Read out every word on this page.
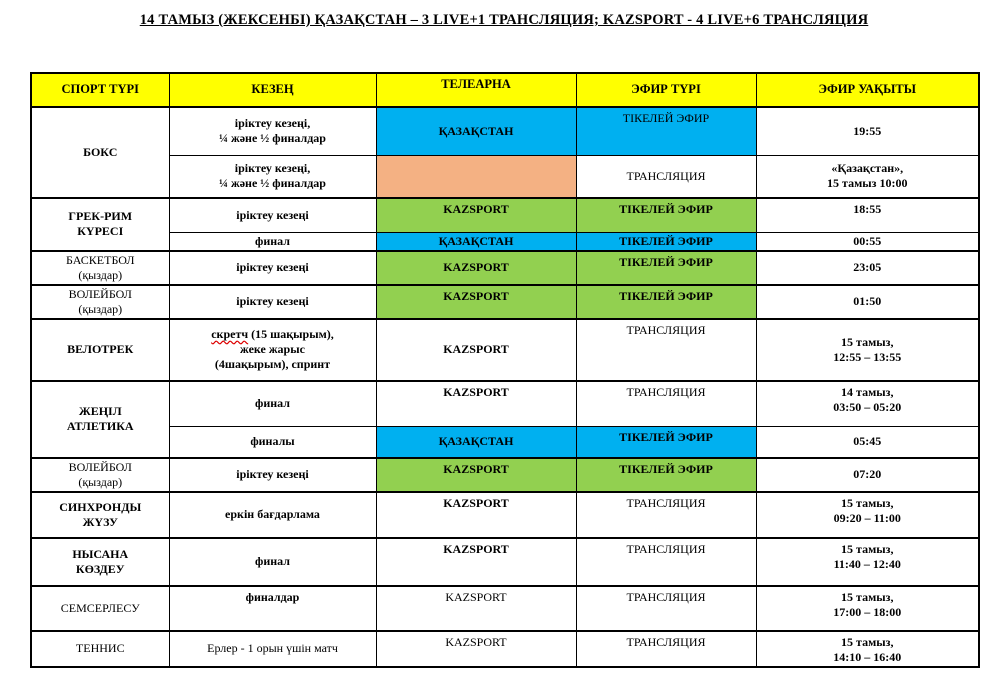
14 ТАМЫЗ (ЖЕКСЕНБІ) ҚАЗАҚСТАН – 3 LIVE+1 ТРАНСЛЯЦИЯ; KAZSPORT - 4 LIVE+6 ТРАНСЛЯЦИЯ
СПОРТ ТҮРІ	КЕЗЕҢ	ТЕЛЕАРНА	ЭФИР ТҮРІ	ЭФИР УАҚЫТЫ
БОКС	іріктеу кезеңі,
¼ және ½ финалдар	ҚАЗАҚСТАН	ТІКЕЛЕЙ ЭФИР	19:55
	іріктеу кезеңі,
¼ және ½ финалдар		ТРАНСЛЯЦИЯ	«Қазақстан»,
15 тамыз 10:00
ГРЕК-РИМ
КҮРЕСІ	іріктеу кезеңі	KAZSPORT	ТІКЕЛЕЙ ЭФИР	18:55
	финал	ҚАЗАҚСТАН	ТІКЕЛЕЙ ЭФИР	00:55
БАСКЕТБОЛ
(қыздар)	іріктеу кезеңі	KAZSPORT	ТІКЕЛЕЙ ЭФИР	23:05
ВОЛЕЙБОЛ
(қыздар)	іріктеу кезеңі	KAZSPORT	ТІКЕЛЕЙ ЭФИР	01:50
ВЕЛОТРЕК	скретч (15 шақырым),
жеке жарыс
(4шақырым), спринт	KAZSPORT	ТРАНСЛЯЦИЯ	15 тамыз,
12:55 – 13:55
ЖЕҢІЛ
АТЛЕТИКА	финал	KAZSPORT	ТРАНСЛЯЦИЯ	14 тамыз,
03:50 – 05:20
	финалы	ҚАЗАҚСТАН	ТІКЕЛЕЙ ЭФИР	05:45
ВОЛЕЙБОЛ
(қыздар)	іріктеу кезеңі	KAZSPORT	ТІКЕЛЕЙ ЭФИР	07:20
СИНХРОНДЫ
ЖҮЗУ	еркін бағдарлама	KAZSPORT	ТРАНСЛЯЦИЯ	15 тамыз,
09:20 – 11:00
НЫСАНА
КӨЗДЕУ	финал	KAZSPORT	ТРАНСЛЯЦИЯ	15 тамыз,
11:40 – 12:40
СЕМСЕРЛЕСУ	финалдар	KAZSPORT	ТРАНСЛЯЦИЯ	15 тамыз,
17:00 – 18:00
ТЕННИС	Ерлер - 1 орын үшін матч	KAZSPORT	ТРАНСЛЯЦИЯ	15 тамыз,
14:10 – 16:40
